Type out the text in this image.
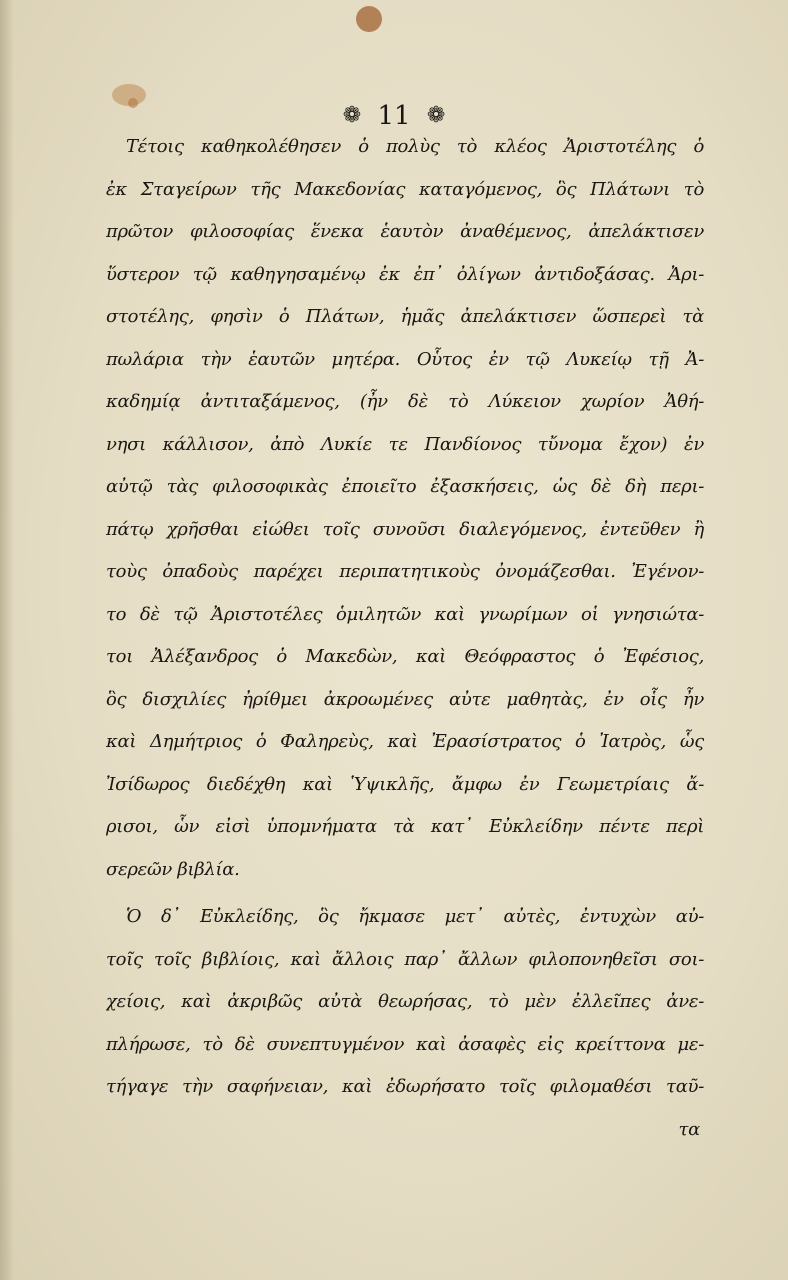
❁ 11 ❁
Τέτοις καθηκολέθησεν ὁ πολὺς τὸ κλέος Ἀριστοτέλης ὁ
ἐκ Σταγείρων τῆς Μακεδονίας καταγόμενος, ὃς Πλάτωνι τὸ
πρῶτον φιλοσοφίας ἕνεκα ἑαυτὸν ἀναθέμενος, ἀπελάκτισεν
ὕστερον τῷ καθηγησαμένῳ ἐκ ἐπ᾽ ὀλίγων ἀντιδοξάσας. Ἀρι-
στοτέλης, φησὶν ὁ Πλάτων, ἡμᾶς ἀπελάκτισεν ὥσπερεὶ τὰ
πωλάρια τὴν ἑαυτῶν μητέρα. Οὗτος ἐν τῷ Λυκείῳ τῇ Ἀ-
καδημίᾳ ἀντιταξάμενος, (ἦν δὲ τὸ Λύκειον χωρίον Ἀθή-
νησι κάλλισον, ἀπὸ Λυκίε τε Πανδίονος τὔνομα ἔχον) ἐν
αὐτῷ τὰς φιλοσοφικὰς ἐποιεῖτο ἐξασκήσεις, ὡς δὲ δὴ περι-
πάτῳ χρῆσθαι εἰώθει τοῖς συνοῦσι διαλεγόμενος, ἐντεῦθεν ἢ
τοὺς ὀπαδοὺς παρέχει περιπατητικοὺς ὀνομάζεσθαι. Ἐγένον-
το δὲ τῷ Ἀριστοτέλες ὁμιλητῶν καὶ γνωρίμων οἱ γνησιώτα-
τοι Ἀλέξανδρος ὁ Μακεδὼν, καὶ Θεόφραστος ὁ Ἐφέσιος,
ὃς δισχιλίες ἠρίθμει ἀκροωμένες αὐτε μαθητὰς, ἐν οἷς ἦν
καὶ Δημήτριος ὁ Φαληρεὺς, καὶ Ἐρασίστρατος ὁ Ἰατρὸς, ὧς
Ἰσίδωρος διεδέχθη καὶ Ὑψικλῆς, ἄμφω ἐν Γεωμετρίαις ἄ-
ρισοι, ὧν εἰσὶ ὑπομνήματα τὰ κατ᾽ Εὐκλείδην πέντε περὶ
σερεῶν βιβλία.
Ὁ δ᾽ Εὐκλείδης, ὃς ἤκμασε μετ᾽ αὐτὲς, ἐντυχὼν αὐ-
τοῖς τοῖς βιβλίοις, καὶ ἄλλοις παρ᾽ ἄλλων φιλοπονηθεῖσι σοι-
χείοις, καὶ ἀκριβῶς αὐτὰ θεωρήσας, τὸ μὲν ἐλλεῖπες ἀνε-
πλήρωσε, τὸ δὲ συνεπτυγμένον καὶ ἀσαφὲς εἰς κρείττονα με-
τήγαγε τὴν σαφήνειαν, καὶ ἐδωρήσατο τοῖς φιλομαθέσι ταῦ-
τα
